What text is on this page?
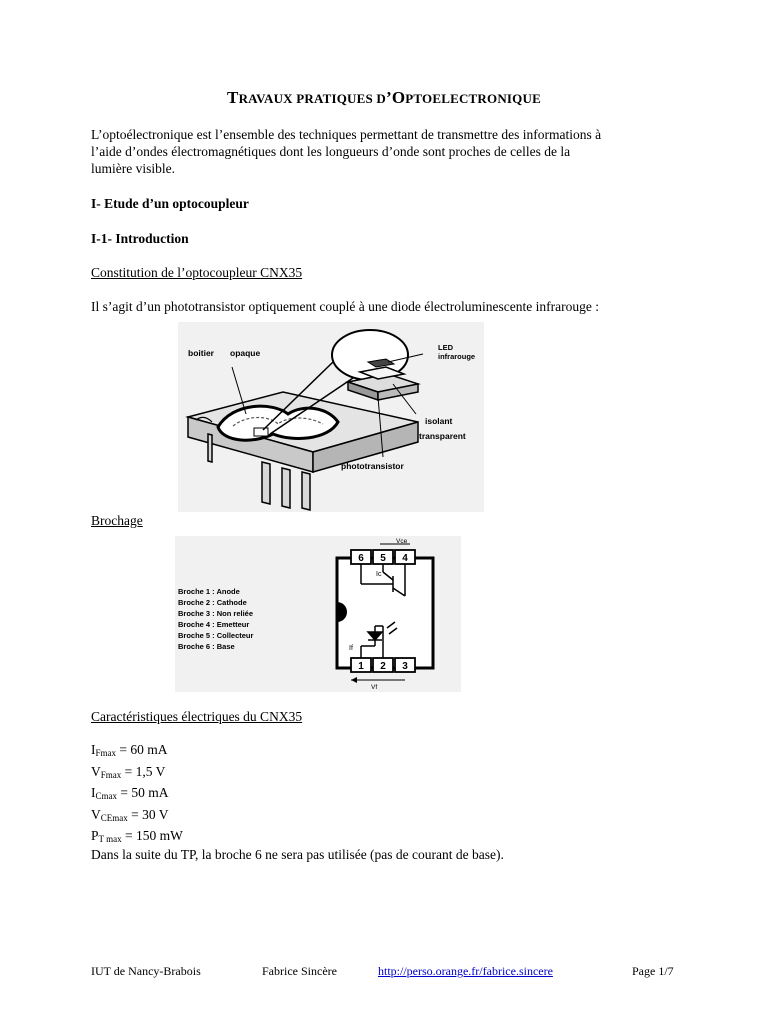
TRAVAUX PRATIQUES D’OPTOELECTRONIQUE
L’optoélectronique est l’ensemble des techniques permettant de transmettre des informations à
l’aide d’ondes électromagnétiques dont les longueurs d’onde sont proches de celles de la
lumière visible.
I- Etude d’un optocoupleur
I-1- Introduction
Constitution de l’optocoupleur CNX35
Il s’agit d’un phototransistor optiquement couplé à une diode électroluminescente infrarouge :
boitier opaque
LED
infrarouge
isolant
transparent
phototransistor
Brochage
Broche 1 : Anode
Broche 2 : Cathode
Broche 3 : Non reliée
Broche 4 : Emetteur
Broche 5 : Collecteur
Broche 6 : Base
6 5 4
1 2 3
Vce
Ic
If
Vf
Caractéristiques électriques du CNX35
$I_{Fmax} = 60$ mA
$V_{Fmax} = 1,5$ V
$I_{Cmax} = 50$ mA
$V_{CEmax} = 30$ V
$P_{T max} = 150$ mW
Dans la suite du TP, la broche 6 ne sera pas utilisée (pas de courant de base).
IUT de Nancy-Brabois	Fabrice Sincère	http://perso.orange.fr/fabrice.sincere	Page 1/7
